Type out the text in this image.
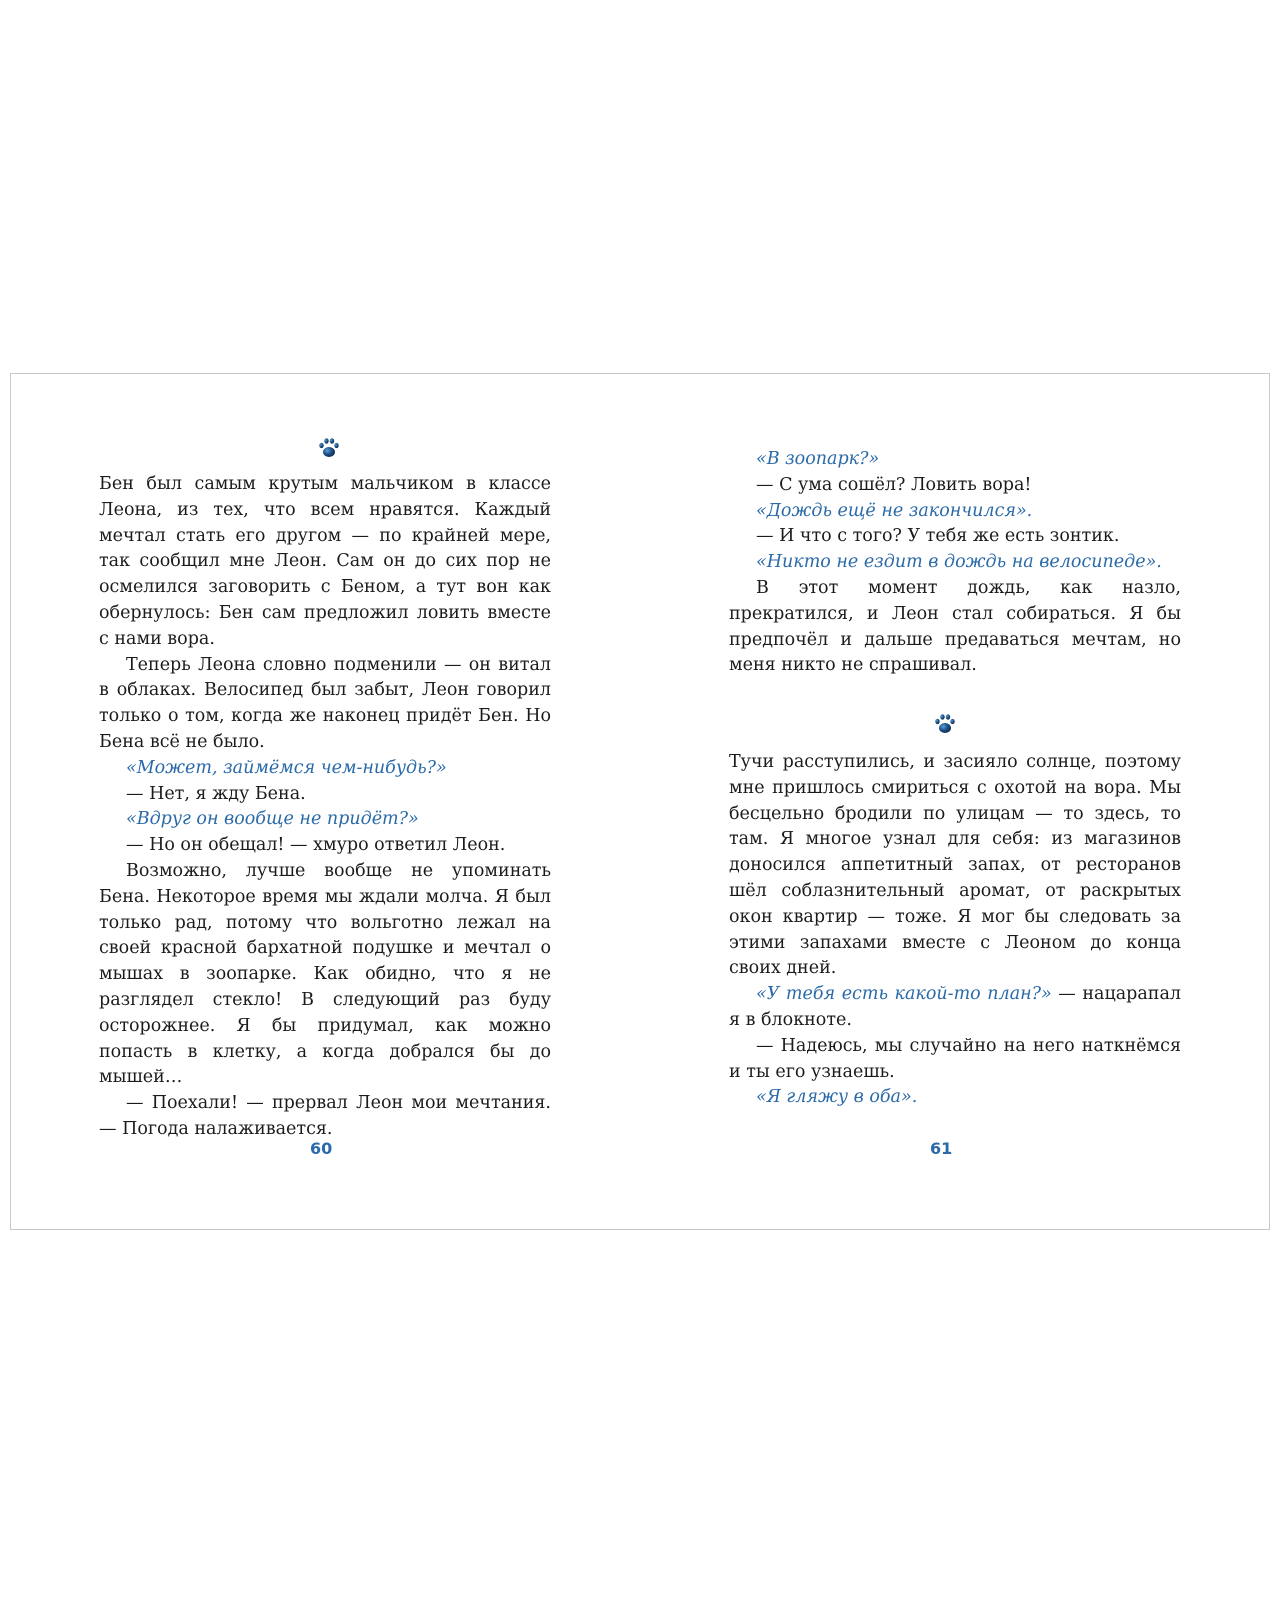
Бен был самым крутым мальчиком в классе Леона, из тех, что всем нравятся. Каждый мечтал стать его другом — по крайней мере, так сообщил мне Леон. Сам он до сих пор не осмелился заговорить с Беном, а тут вон как обернулось: Бен сам предложил ловить вместе с нами вора.

Теперь Леона словно подменили — он витал в облаках. Велосипед был забыт, Леон говорил только о том, когда же наконец придёт Бен. Но Бена всё не было.

«Может, займёмся чем-нибудь?»

— Нет, я жду Бена.

«Вдруг он вообще не придёт?»

— Но он обещал! — хмуро ответил Леон.

Возможно, лучше вообще не упоминать Бена. Некоторое время мы ждали молча. Я был только рад, потому что вольготно лежал на своей красной бархатной подушке и мечтал о мышах в зоопарке. Как обидно, что я не разглядел стекло! В следующий раз буду осторожнее. Я бы придумал, как можно попасть в клетку, а когда добрался бы до мышей…

— Поехали! — прервал Леон мои мечтания. — Погода налаживается.

60

«В зоопарк?»

— С ума сошёл? Ловить вора!

«Дождь ещё не закончился».

— И что с того? У тебя же есть зонтик.

«Никто не ездит в дождь на велосипеде».

В этот момент дождь, как назло, прекратился, и Леон стал собираться. Я бы предпочёл и дальше предаваться мечтам, но меня никто не спрашивал.

Тучи расступились, и засияло солнце, поэтому мне пришлось смириться с охотой на вора. Мы бесцельно бродили по улицам — то здесь, то там. Я многое узнал для себя: из магазинов доносился аппетитный запах, от ресторанов шёл соблазнительный аромат, от раскрытых окон квартир — тоже. Я мог бы следовать за этими запахами вместе с Леоном до конца своих дней.

«У тебя есть какой-то план?» — нацарапал я в блокноте.

— Надеюсь, мы случайно на него наткнёмся и ты его узнаешь.

«Я гляжу в оба».

61
